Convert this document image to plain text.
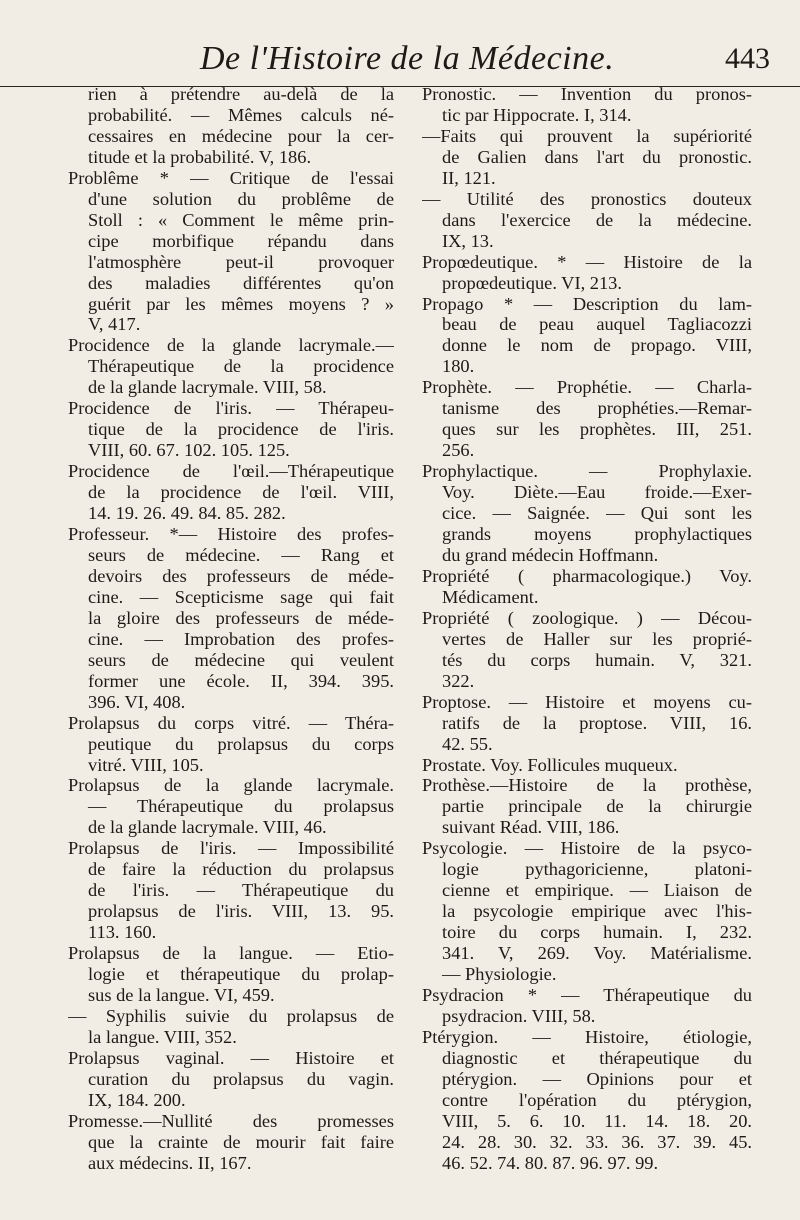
De l'Histoire de la Médecine.	443
rien à prétendre au-delà de la
probabilité. — Mêmes calculs né-
cessaires en médecine pour la cer-
titude et la probabilité. V, 186.
Problême * — Critique de l'essai
d'une solution du problême de
Stoll : « Comment le même prin-
cipe morbifique répandu dans
l'atmosphère peut-il provoquer
des maladies différentes qu'on
guérit par les mêmes moyens ? »
V, 417.
Procidence de la glande lacrymale.—
Thérapeutique de la procidence
de la glande lacrymale. VIII, 58.
Procidence de l'iris. — Thérapeu-
tique de la procidence de l'iris.
VIII, 60. 67. 102. 105. 125.
Procidence de l'œil.—Thérapeutique
de la procidence de l'œil. VIII,
14. 19. 26. 49. 84. 85. 282.
Professeur. *— Histoire des profes-
seurs de médecine. — Rang et
devoirs des professeurs de méde-
cine. — Scepticisme sage qui fait
la gloire des professeurs de méde-
cine. — Improbation des profes-
seurs de médecine qui veulent
former une école. II, 394. 395.
396. VI, 408.
Prolapsus du corps vitré. — Théra-
peutique du prolapsus du corps
vitré. VIII, 105.
Prolapsus de la glande lacrymale.
— Thérapeutique du prolapsus
de la glande lacrymale. VIII, 46.
Prolapsus de l'iris. — Impossibilité
de faire la réduction du prolapsus
de l'iris. — Thérapeutique du
prolapsus de l'iris. VIII, 13. 95.
113. 160.
Prolapsus de la langue. — Etio-
logie et thérapeutique du prolap-
sus de la langue. VI, 459.
— Syphilis suivie du prolapsus de
la langue. VIII, 352.
Prolapsus vaginal. — Histoire et
curation du prolapsus du vagin.
IX, 184. 200.
Promesse.—Nullité des promesses
que la crainte de mourir fait faire
aux médecins. II, 167.
Pronostic. — Invention du pronos-
tic par Hippocrate. I, 314.
—Faits qui prouvent la supériorité
de Galien dans l'art du pronostic.
II, 121.
— Utilité des pronostics douteux
dans l'exercice de la médecine.
IX, 13.
Propœdeutique. * — Histoire de la
propœdeutique. VI, 213.
Propago * — Description du lam-
beau de peau auquel Tagliacozzi
donne le nom de propago. VIII,
180.
Prophète. — Prophétie. — Charla-
tanisme des prophéties.—Remar-
ques sur les prophètes. III, 251.
256.
Prophylactique. — Prophylaxie.
Voy. Diète.—Eau froide.—Exer-
cice. — Saignée. — Qui sont les
grands moyens prophylactiques
du grand médecin Hoffmann.
Propriété ( pharmacologique.) Voy.
Médicament.
Propriété ( zoologique. ) — Décou-
vertes de Haller sur les proprié-
tés du corps humain. V, 321.
322.
Proptose. — Histoire et moyens cu-
ratifs de la proptose. VIII, 16.
42. 55.
Prostate. Voy. Follicules muqueux.
Prothèse.—Histoire de la prothèse,
partie principale de la chirurgie
suivant Réad. VIII, 186.
Psycologie. — Histoire de la psyco-
logie pythagoricienne, platoni-
cienne et empirique. — Liaison de
la psycologie empirique avec l'his-
toire du corps humain. I, 232.
341. V, 269. Voy. Matérialisme.
— Physiologie.
Psydracion * — Thérapeutique du
psydracion. VIII, 58.
Ptérygion. — Histoire, étiologie,
diagnostic et thérapeutique du
ptérygion. — Opinions pour et
contre l'opération du ptérygion,
VIII, 5. 6. 10. 11. 14. 18. 20.
24. 28. 30. 32. 33. 36. 37. 39. 45.
46. 52. 74. 80. 87. 96. 97. 99.
